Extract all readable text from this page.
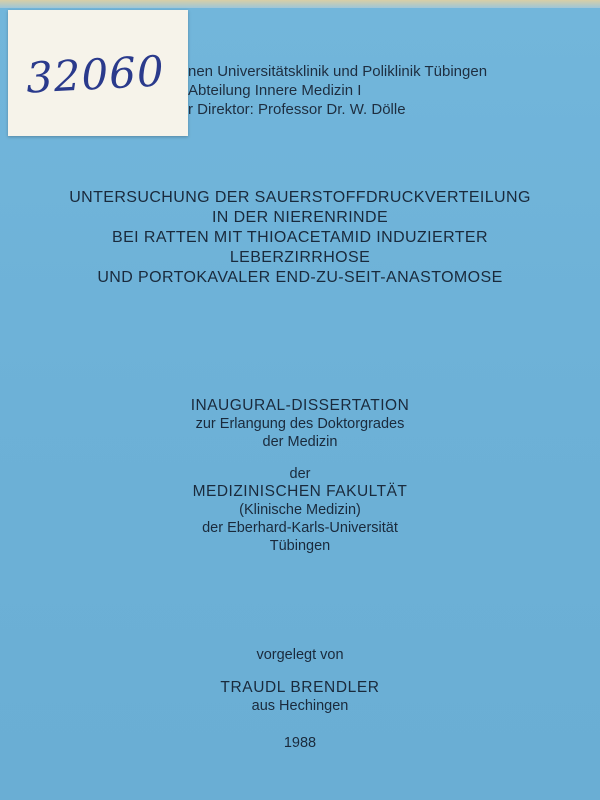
32060 nen Universitätsklinik und Poliklinik Tübingen
Abteilung Innere Medizin I
r Direktor: Professor Dr. W. Dölle
UNTERSUCHUNG DER SAUERSTOFFDRUCKVERTEILUNG
IN DER NIERENRINDE
BEI RATTEN MIT THIOACETAMID INDUZIERTER
LEBERZIRRHOSE
UND PORTOKAVALER END-ZU-SEIT-ANASTOMOSE
INAUGURAL-DISSERTATION
zur Erlangung des Doktorgrades
der Medizin
der
MEDIZINISCHEN FAKULTÄT
(Klinische Medizin)
der Eberhard-Karls-Universität
Tübingen
vorgelegt von
TRAUDL BRENDLER
aus Hechingen
1988
